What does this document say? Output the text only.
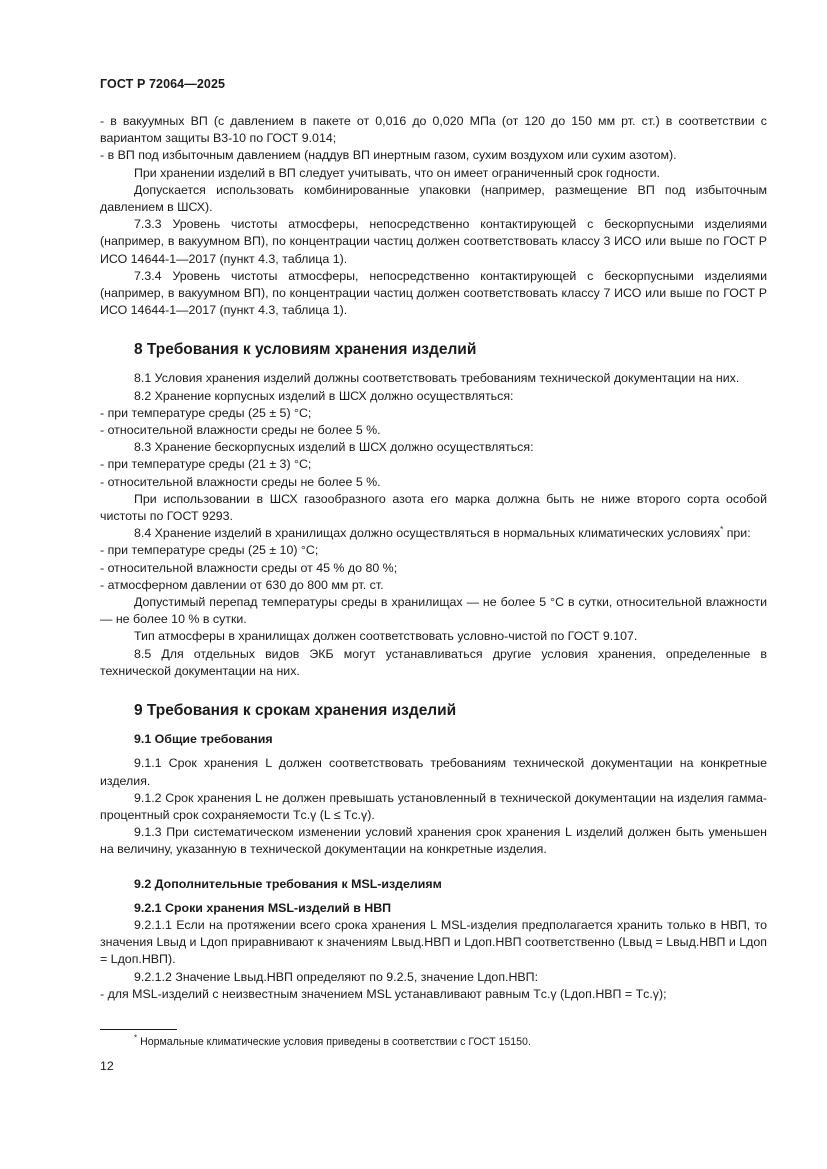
ГОСТ Р 72064—2025

- в вакуумных ВП (с давлением в пакете от 0,016 до 0,020 МПа (от 120 до 150 мм рт. ст.) в соответствии с вариантом защиты В3-10 по ГОСТ 9.014;

- в ВП под избыточным давлением (наддув ВП инертным газом, сухим воздухом или сухим азотом).

При хранении изделий в ВП следует учитывать, что он имеет ограниченный срок годности.

Допускается использовать комбинированные упаковки (например, размещение ВП под избыточным давлением в ШСХ).

7.3.3 Уровень чистоты атмосферы, непосредственно контактирующей с бескорпусными изделиями (например, в вакуумном ВП), по концентрации частиц должен соответствовать классу 3 ИСО или выше по ГОСТ Р ИСО 14644-1—2017 (пункт 4.3, таблица 1).

7.3.4 Уровень чистоты атмосферы, непосредственно контактирующей с бескорпусными изделиями (например, в вакуумном ВП), по концентрации частиц должен соответствовать классу 7 ИСО или выше по ГОСТ Р ИСО 14644-1—2017 (пункт 4.3, таблица 1).

8 Требования к условиям хранения изделий

8.1 Условия хранения изделий должны соответствовать требованиям технической документации на них.

8.2 Хранение корпусных изделий в ШСХ должно осуществляться:

- при температуре среды (25 ± 5) °С;

- относительной влажности среды не более 5 %.

8.3 Хранение бескорпусных изделий в ШСХ должно осуществляться:

- при температуре среды (21 ± 3) °С;

- относительной влажности среды не более 5 %.

При использовании в ШСХ газообразного азота его марка должна быть не ниже второго сорта особой чистоты по ГОСТ 9293.

8.4 Хранение изделий в хранилищах должно осуществляться в нормальных климатических условиях* при:

- при температуре среды (25 ± 10) °С;

- относительной влажности среды от 45 % до 80 %;

- атмосферном давлении от 630 до 800 мм рт. ст.

Допустимый перепад температуры среды в хранилищах — не более 5 °С в сутки, относительной влажности — не более 10 % в сутки.

Тип атмосферы в хранилищах должен соответствовать условно-чистой по ГОСТ 9.107.

8.5 Для отдельных видов ЭКБ могут устанавливаться другие условия хранения, определенные в технической документации на них.

9 Требования к срокам хранения изделий
9.1 Общие требования

9.1.1 Срок хранения L должен соответствовать требованиям технической документации на конкретные изделия.

9.1.2 Срок хранения L не должен превышать установленный в технической документации на изделия гамма-процентный срок сохраняемости Tс.γ (L ≤ Tс.γ).

9.1.3 При систематическом изменении условий хранения срок хранения L изделий должен быть уменьшен на величину, указанную в технической документации на конкретные изделия.

9.2 Дополнительные требования к MSL-изделиям
9.2.1 Сроки хранения MSL-изделий в НВП

9.2.1.1 Если на протяжении всего срока хранения L MSL-изделия предполагается хранить только в НВП, то значения Lвыд и Lдоп приравнивают к значениям Lвыд.НВП и Lдоп.НВП соответственно (Lвыд = Lвыд.НВП и Lдоп = Lдоп.НВП).

9.2.1.2 Значение Lвыд.НВП определяют по 9.2.5, значение Lдоп.НВП:

- для MSL-изделий с неизвестным значением MSL устанавливают равным Tс.γ (Lдоп.НВП = Tс.γ);

* Нормальные климатические условия приведены в соответствии с ГОСТ 15150.
12
